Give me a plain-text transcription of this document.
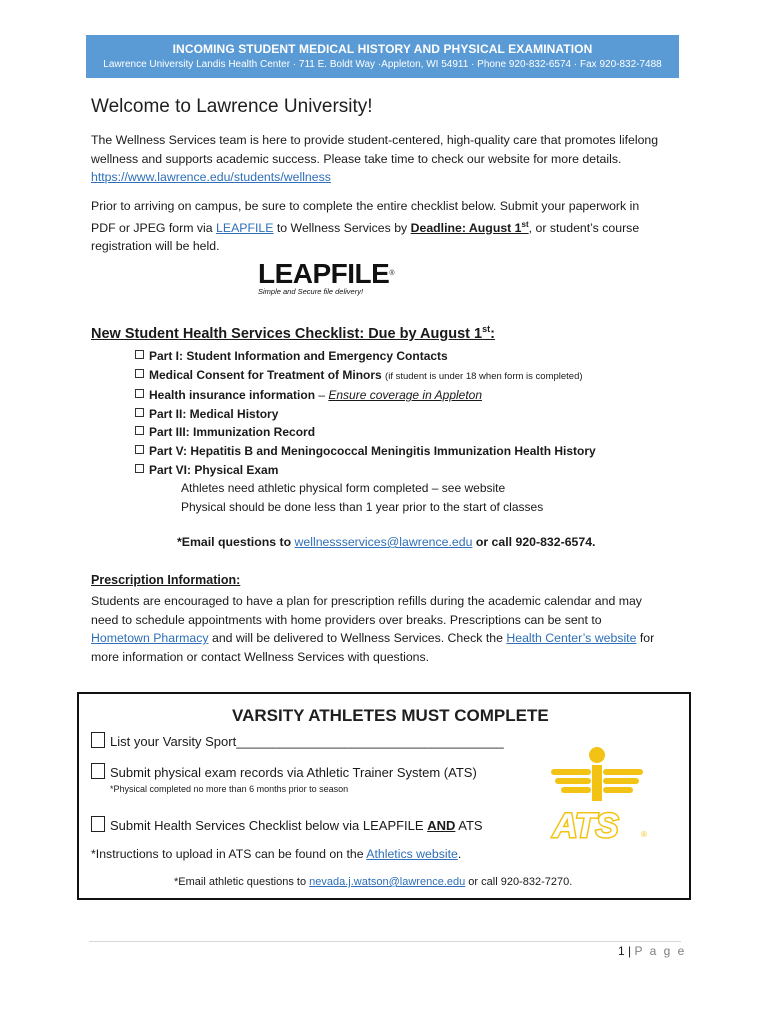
INCOMING STUDENT MEDICAL HISTORY AND PHYSICAL EXAMINATION
Lawrence University Landis Health Center · 711 E. Boldt Way ·Appleton, WI 54911 · Phone 920-832-6574 · Fax 920-832-7488
Welcome to Lawrence University!
The Wellness Services team is here to provide student-centered, high-quality care that promotes lifelong
wellness and supports academic success. Please take time to check our website for more details.
https://www.lawrence.edu/students/wellness
Prior to arriving on campus, be sure to complete the entire checklist below. Submit your paperwork in
PDF or JPEG form via LEAPFILE to Wellness Services by Deadline: August 1st, or student’s course
registration will be held.
LEAPFILE®
Simple and Secure file delivery!
New Student Health Services Checklist: Due by August 1st:
Part I: Student Information and Emergency Contacts
Medical Consent for Treatment of Minors (if student is under 18 when form is completed)
Health insurance information – Ensure coverage in Appleton
Part II: Medical History
Part III: Immunization Record
Part V: Hepatitis B and Meningococcal Meningitis Immunization Health History
Part VI: Physical Exam
Athletes need athletic physical form completed – see website
Physical should be done less than 1 year prior to the start of classes
*Email questions to wellnessservices@lawrence.edu or call 920-832-6574.
Prescription Information:
Students are encouraged to have a plan for prescription refills during the academic calendar and may
need to schedule appointments with home providers over breaks. Prescriptions can be sent to
Hometown Pharmacy and will be delivered to Wellness Services. Check the Health Center’s website for
more information or contact Wellness Services with questions.
VARSITY ATHLETES MUST COMPLETE
List your Varsity Sport_____________________________________
Submit physical exam records via Athletic Trainer System (ATS)
*Physical completed no more than 6 months prior to season
Submit Health Services Checklist below via LEAPFILE AND ATS
*Instructions to upload in ATS can be found on the Athletics website.
*Email athletic questions to nevada.j.watson@lawrence.edu or call 920-832-7270.
ATS	®
1 | P a g e
